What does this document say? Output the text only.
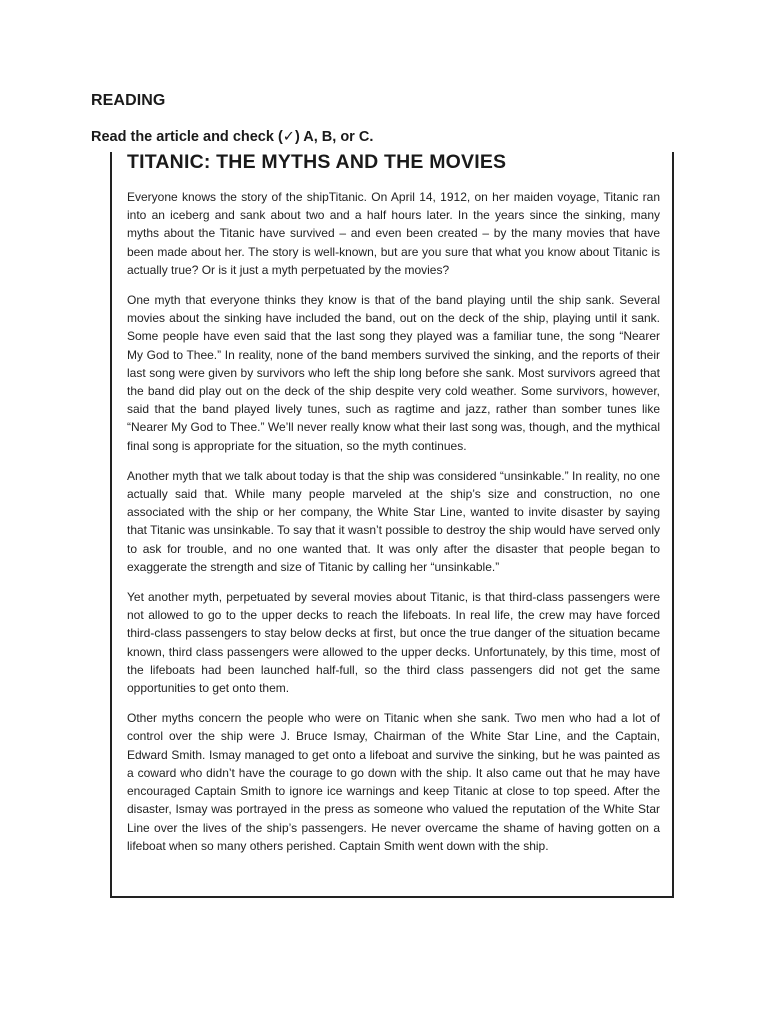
READING
Read the article and check (✓) A, B, or C.
TITANIC: THE MYTHS AND THE MOVIES

Everyone knows the story of the shipTitanic. On April 14, 1912, on her maiden voyage, Titanic ran into an iceberg and sank about two and a half hours later. In the years since the sinking, many myths about the Titanic have survived – and even been created – by the many movies that have been made about her. The story is well-known, but are you sure that what you know about Titanic is actually true? Or is it just a myth perpetuated by the movies?

One myth that everyone thinks they know is that of the band playing until the ship sank. Several movies about the sinking have included the band, out on the deck of the ship, playing until it sank. Some people have even said that the last song they played was a familiar tune, the song “Nearer My God to Thee.” In reality, none of the band members survived the sinking, and the reports of their last song were given by survivors who left the ship long before she sank. Most survivors agreed that the band did play out on the deck of the ship despite very cold weather. Some survivors, however, said that the band played lively tunes, such as ragtime and jazz, rather than somber tunes like “Nearer My God to Thee.” We’ll never really know what their last song was, though, and the mythical final song is appropriate for the situation, so the myth continues.

Another myth that we talk about today is that the ship was considered “unsinkable.” In reality, no one actually said that. While many people marveled at the ship’s size and construction, no one associated with the ship or her company, the White Star Line, wanted to invite disaster by saying that Titanic was unsinkable. To say that it wasn’t possible to destroy the ship would have served only to ask for trouble, and no one wanted that. It was only after the disaster that people began to exaggerate the strength and size of Titanic by calling her “unsinkable.”

Yet another myth, perpetuated by several movies about Titanic, is that third-class passengers were not allowed to go to the upper decks to reach the lifeboats. In real life, the crew may have forced third-class passengers to stay below decks at first, but once the true danger of the situation became known, third class passengers were allowed to the upper decks. Unfortunately, by this time, most of the lifeboats had been launched half-full, so the third class passengers did not get the same opportunities to get onto them.

Other myths concern the people who were on Titanic when she sank. Two men who had a lot of control over the ship were J. Bruce Ismay, Chairman of the White Star Line, and the Captain, Edward Smith. Ismay managed to get onto a lifeboat and survive the sinking, but he was painted as a coward who didn’t have the courage to go down with the ship. It also came out that he may have encouraged Captain Smith to ignore ice warnings and keep Titanic at close to top speed. After the disaster, Ismay was portrayed in the press as someone who valued the reputation of the White Star Line over the lives of the ship’s passengers. He never overcame the shame of having gotten on a lifeboat when so many others perished. Captain Smith went down with the ship.
